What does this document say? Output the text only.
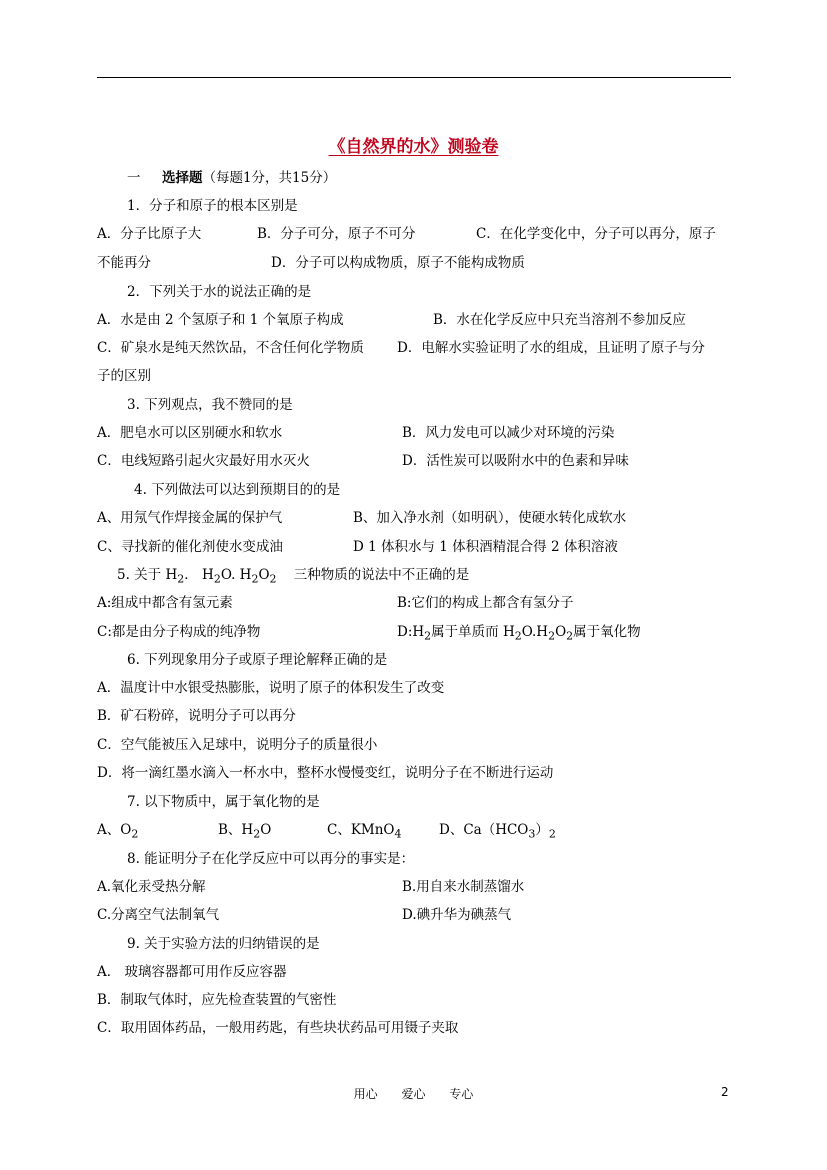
《自然界的水》测验卷
一 选择题（每题1分，共15分）
1．分子和原子的根本区别是
A．分子比原子大	B．分子可分，原子不可分	C．在化学变化中，分子可以再分，原子
不能再分	D．分子可以构成物质，原子不能构成物质
2．下列关于水的说法正确的是
A．水是由 2 个氢原子和 1 个氧原子构成	B．水在化学反应中只充当溶剂不参加反应
C．矿泉水是纯天然饮品，不含任何化学物质 D．电解水实验证明了水的组成，且证明了原子与分
子的区别
3. 下列观点，我不赞同的是
A．肥皂水可以区别硬水和软水	B．风力发电可以减少对环境的污染
C．电线短路引起火灾最好用水灭火	D．活性炭可以吸附水中的色素和异味
4. 下列做法可以达到预期目的的是
A、用氖气作焊接金属的保护气	B、加入净水剂（如明矾），使硬水转化成软水
C、寻找新的催化剂使水变成油	D 1 体积水与 1 体积酒精混合得 2 体积溶液
5. 关于 $H_2$． $H_2O$. $H_2O_2$ 三种物质的说法中不正确的是
A:组成中都含有氢元素	B:它们的构成上都含有氢分子
C:都是由分子构成的纯净物	$D:H_2$属于单质而 $H_2O.H_2O_2$属于氧化物
6. 下列现象用分子或原子理论解释正确的是
A．温度计中水银受热膨胀，说明了原子的体积发生了改变
B．矿石粉碎，说明分子可以再分
C．空气能被压入足球中，说明分子的质量很小
D．将一滴红墨水滴入一杯水中，整杯水慢慢变红，说明分子在不断进行运动
7. 以下物质中，属于氧化物的是
A、$O_2$	B、$H_2O$	C、KMnO$_4$	D、$Ca(HCO_3)_2$
8. 能证明分子在化学反应中可以再分的事实是：
A.氧化汞受热分解	B.用自来水制蒸馏水
C.分离空气法制氧气	D.碘升华为碘蒸气
9. 关于实验方法的归纳错误的是
A． 玻璃容器都可用作反应容器
B．制取气体时，应先检查装置的气密性
C．取用固体药品，一般用药匙，有些块状药品可用镊子夹取
用心 爱心 专心	2
